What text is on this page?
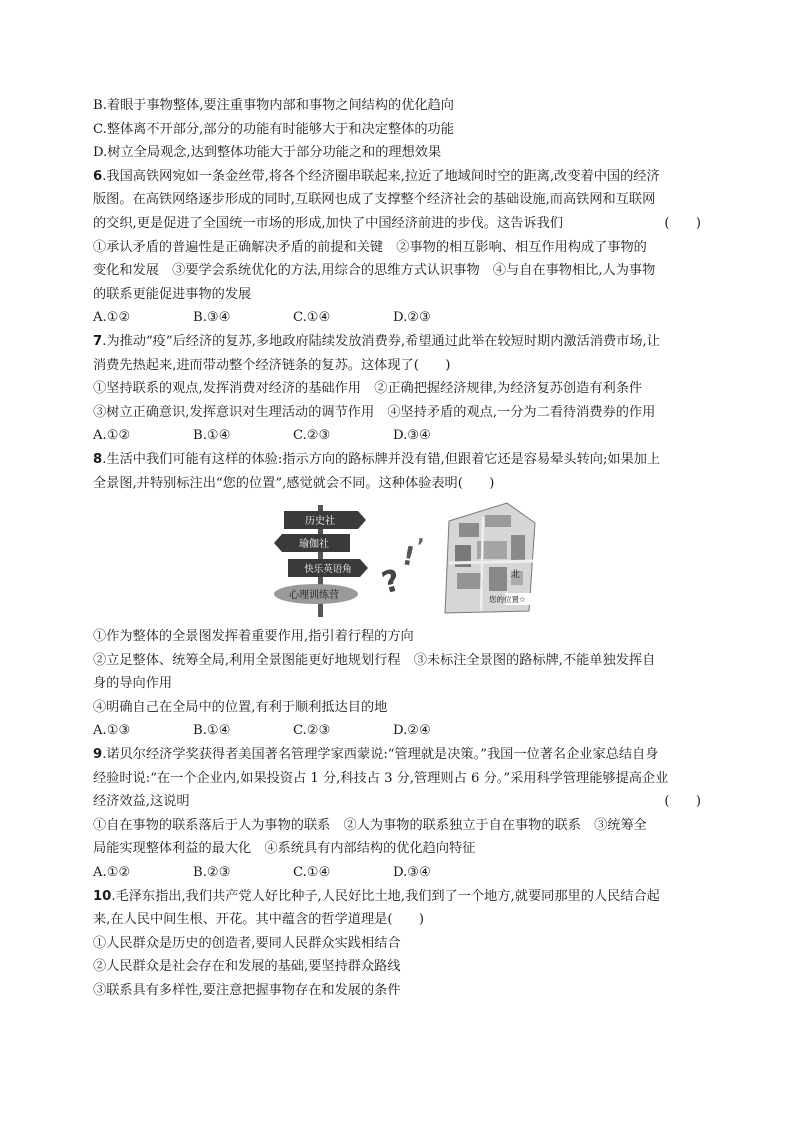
B.着眼于事物整体,要注重事物内部和事物之间结构的优化趋向
C.整体离不开部分,部分的功能有时能够大于和决定整体的功能
D.树立全局观念,达到整体功能大于部分功能之和的理想效果
6.我国高铁网宛如一条金丝带,将各个经济圈串联起来,拉近了地域间时空的距离,改变着中国的经济
版图。在高铁网络逐步形成的同时,互联网也成了支撑整个经济社会的基础设施,而高铁网和互联网
的交织,更是促进了全国统一市场的形成,加快了中国经济前进的步伐。这告诉我们	(　　)
①承认矛盾的普遍性是正确解决矛盾的前提和关键　②事物的相互影响、相互作用构成了事物的
变化和发展　③要学会系统优化的方法,用综合的思维方式认识事物　④与自在事物相比,人为事物
的联系更能促进事物的发展
A.①②	B.③④	C.①④	D.②③
7.为推动“疫”后经济的复苏,多地政府陆续发放消费券,希望通过此举在较短时期内激活消费市场,让
消费先热起来,进而带动整个经济链条的复苏。这体现了(　　)
①坚持联系的观点,发挥消费对经济的基础作用　②正确把握经济规律,为经济复苏创造有利条件
③树立正确意识,发挥意识对生理活动的调节作用　④坚持矛盾的观点,一分为二看待消费券的作用
A.①②	B.①④	C.②③	D.③④
8.生活中我们可能有这样的体验:指示方向的路标牌并没有错,但跟着它还是容易晕头转向;如果加上
全景图,并特别标注出“您的位置”,感觉就会不同。这种体验表明(　　)
历史社
瑜伽社
快乐英语角
心理训练营 ?
! ʼ
北
您的位置☆
①作为整体的全景图发挥着重要作用,指引着行程的方向
②立足整体、统筹全局,利用全景图能更好地规划行程　③未标注全景图的路标牌,不能单独发挥自
身的导向作用
④明确自己在全局中的位置,有利于顺利抵达目的地
A.①③	B.①④	C.②③	D.②④
9.诺贝尔经济学奖获得者美国著名管理学家西蒙说:“管理就是决策。”我国一位著名企业家总结自身
经验时说:“在一个企业内,如果投资占 1 分,科技占 3 分,管理则占 6 分。”采用科学管理能够提高企业
经济效益,这说明	(　　)
①自在事物的联系落后于人为事物的联系　②人为事物的联系独立于自在事物的联系　③统筹全
局能实现整体利益的最大化　④系统具有内部结构的优化趋向特征
A.①②	B.②③	C.①④	D.③④
10.毛泽东指出,我们共产党人好比种子,人民好比土地,我们到了一个地方,就要同那里的人民结合起
来,在人民中间生根、开花。其中蕴含的哲学道理是(　　)
①人民群众是历史的创造者,要同人民群众实践相结合
②人民群众是社会存在和发展的基础,要坚持群众路线
③联系具有多样性,要注意把握事物存在和发展的条件
